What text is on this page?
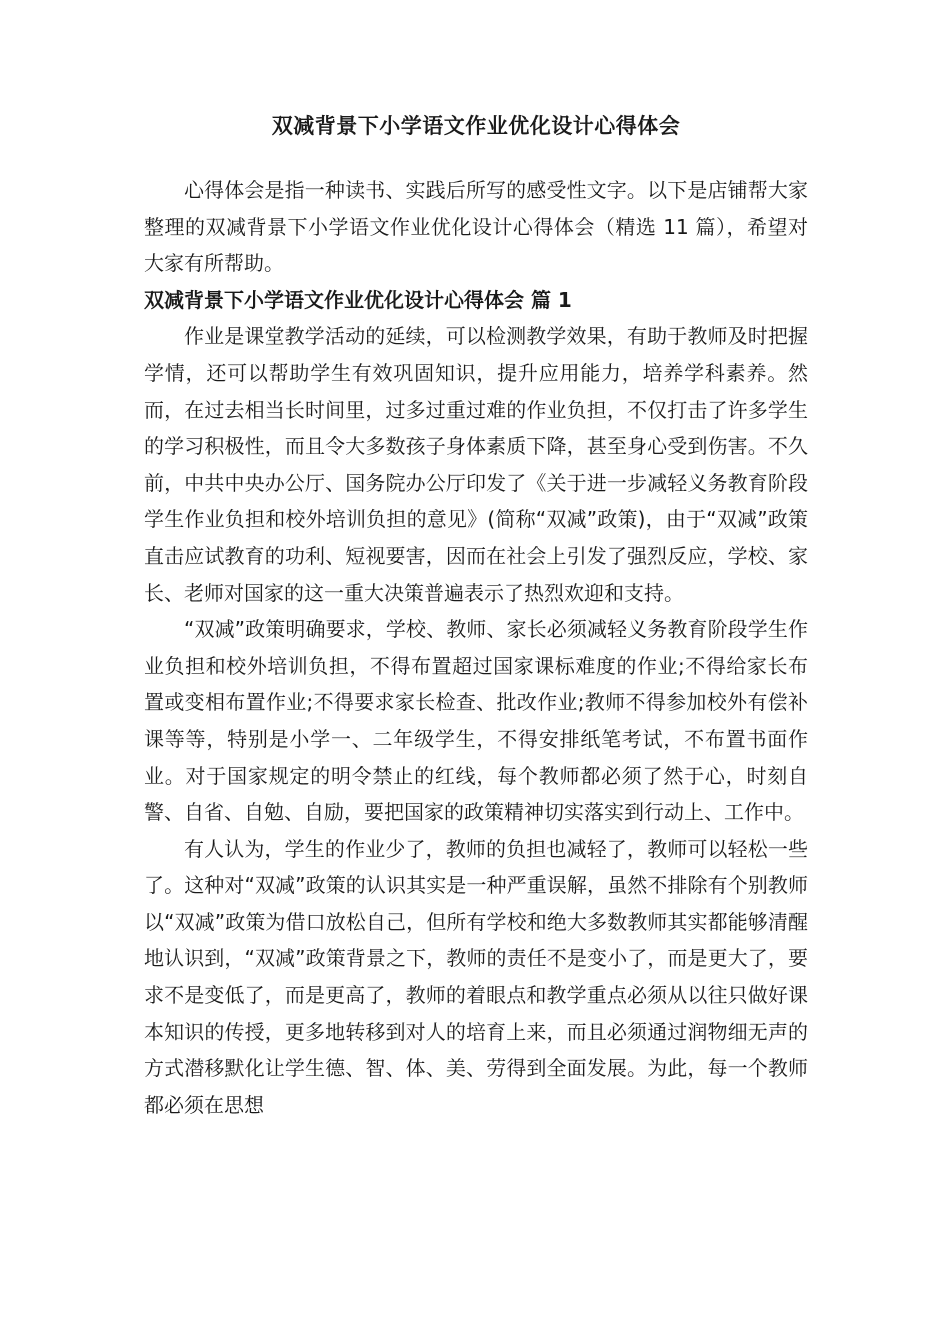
双减背景下小学语文作业优化设计心得体会

心得体会是指一种读书、实践后所写的感受性文字。以下是店铺帮大家整理的双减背景下小学语文作业优化设计心得体会（精选 11 篇），希望对大家有所帮助。

双减背景下小学语文作业优化设计心得体会 篇 1

作业是课堂教学活动的延续，可以检测教学效果，有助于教师及时把握学情，还可以帮助学生有效巩固知识，提升应用能力，培养学科素养。然而，在过去相当长时间里，过多过重过难的作业负担，不仅打击了许多学生的学习积极性，而且令大多数孩子身体素质下降，甚至身心受到伤害。不久前，中共中央办公厅、国务院办公厅印发了《关于进一步减轻义务教育阶段学生作业负担和校外培训负担的意见》(简称“双减”政策)，由于“双减”政策直击应试教育的功利、短视要害，因而在社会上引发了强烈反应，学校、家长、老师对国家的这一重大决策普遍表示了热烈欢迎和支持。

“双减”政策明确要求，学校、教师、家长必须减轻义务教育阶段学生作业负担和校外培训负担，不得布置超过国家课标难度的作业;不得给家长布置或变相布置作业;不得要求家长检查、批改作业;教师不得参加校外有偿补课等等，特别是小学一、二年级学生，不得安排纸笔考试，不布置书面作业。对于国家规定的明令禁止的红线，每个教师都必须了然于心，时刻自警、自省、自勉、自励，要把国家的政策精神切实落实到行动上、工作中。

有人认为，学生的作业少了，教师的负担也减轻了，教师可以轻松一些了。这种对“双减”政策的认识其实是一种严重误解，虽然不排除有个别教师以“双减”政策为借口放松自己，但所有学校和绝大多数教师其实都能够清醒地认识到，“双减”政策背景之下，教师的责任不是变小了，而是更大了，要求不是变低了，而是更高了，教师的着眼点和教学重点必须从以往只做好课本知识的传授，更多地转移到对人的培育上来，而且必须通过润物细无声的方式潜移默化让学生德、智、体、美、劳得到全面发展。为此，每一个教师都必须在思想
